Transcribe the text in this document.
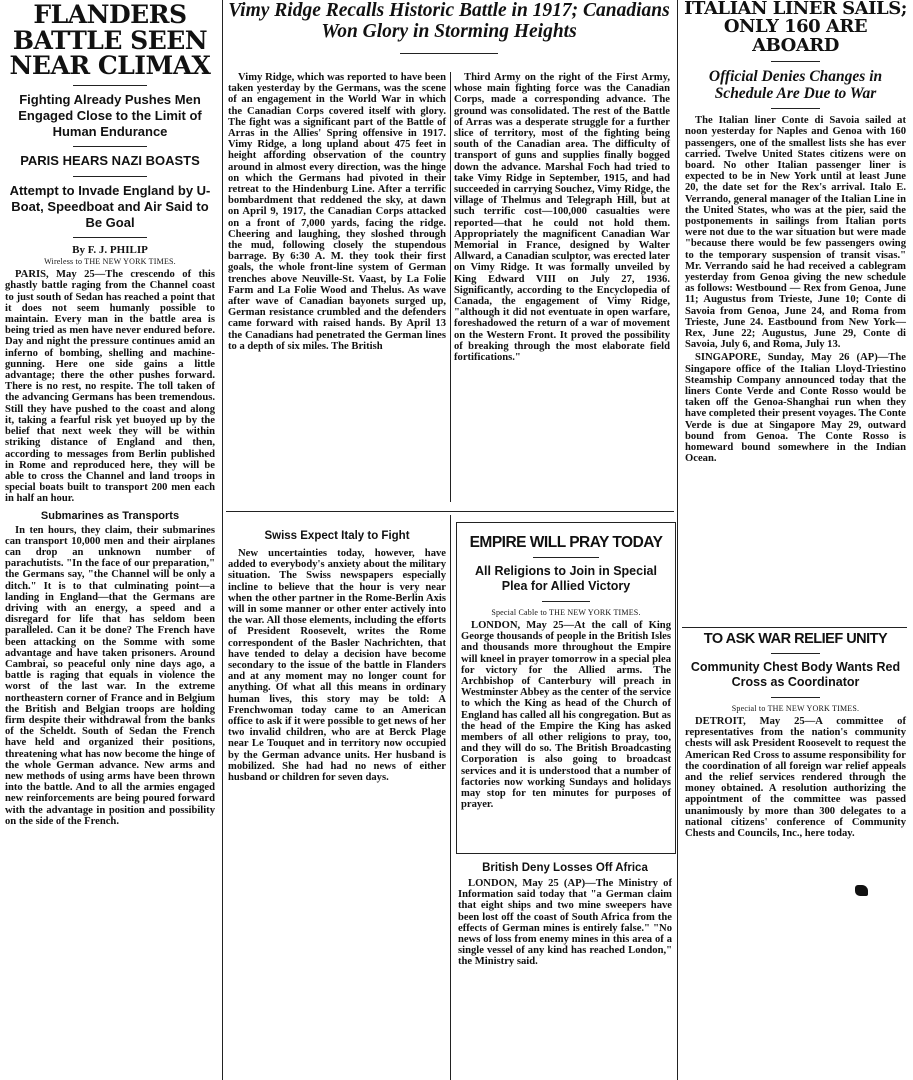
FLANDERS BATTLE SEEN NEAR CLIMAX
Fighting Already Pushes Men Engaged Close to the Limit of Human Endurance
PARIS HEARS NAZI BOASTS
Attempt to Invade England by U-Boat, Speedboat and Air Said to Be Goal
By F. J. PHILIP
Wireless to THE NEW YORK TIMES.

PARIS, May 25—The crescendo of this ghastly battle raging from the Channel coast to just south of Sedan has reached a point that it does not seem humanly possible to maintain. Every man in the battle area is being tried as men have never endured before. Day and night the pressure continues amid an inferno of bombing, shelling and machine-gunning. Here one side gains a little advantage; there the other pushes forward. There is no rest, no respite. The toll taken of the advancing Germans has been tremendous. Still they have pushed to the coast and along it, taking a fearful risk yet buoyed up by the belief that next week they will be within striking distance of England and then, according to messages from Berlin published in Rome and reproduced here, they will be able to cross the Channel and land troops in special boats built to transport 200 men each in half an hour.

Submarines as Transports

In ten hours, they claim, their submarines can transport 10,000 men and their airplanes can drop an unknown number of parachutists. "In the face of our preparation," the Germans say, "the Channel will be only a ditch." It is to that culminating point—a landing in England—that the Germans are driving with an energy, a speed and a disregard for life that has seldom been paralleled. Can it be done? The French have been attacking on the Somme with some advantage and have taken prisoners. Around Cambrai, so peaceful only nine days ago, a battle is raging that equals in violence the worst of the last war. In the extreme northeastern corner of France and in Belgium the British and Belgian troops are holding firm despite their withdrawal from the banks of the Scheldt. South of Sedan the French have held and organized their positions, threatening what has now become the hinge of the whole German advance. New arms and new methods of using arms have been thrown into the battle. And to all the armies engaged new reinforcements are being poured forward with the advantage in position and possibility on the side of the French.

Vimy Ridge Recalls Historic Battle in 1917; Canadians Won Glory in Storming Heights

Vimy Ridge, which was reported to have been taken yesterday by the Germans, was the scene of an engagement in the World War in which the Canadian Corps covered itself with glory. The fight was a significant part of the Battle of Arras in the Allies' Spring offensive in 1917. Vimy Ridge, a long upland about 475 feet in height affording observation of the country around in almost every direction, was the hinge on which the Germans had pivoted in their retreat to the Hindenburg Line. After a terrific bombardment that reddened the sky, at dawn on April 9, 1917, the Canadian Corps attacked on a front of 7,000 yards, facing the ridge. Cheering and laughing, they sloshed through the mud, following closely the stupendous barrage. By 6:30 A. M. they took their first goals, the whole front-line system of German trenches above Neuville-St. Vaast, by La Folie Farm and La Folie Wood and Thelus. As wave after wave of Canadian bayonets surged up, German resistance crumbled and the defenders came forward with raised hands. By April 13 the Canadians had penetrated the German lines to a depth of six miles. The British

Third Army on the right of the First Army, whose main fighting force was the Canadian Corps, made a corresponding advance. The ground was consolidated. The rest of the Battle of Arras was a desperate struggle for a further slice of territory, most of the fighting being south of the Canadian area. The difficulty of transport of guns and supplies finally bogged down the advance. Marshal Foch had tried to take Vimy Ridge in September, 1915, and had succeeded in carrying Souchez, Vimy Ridge, the village of Thelmus and Telegraph Hill, but at such terrific cost—100,000 casualties were reported—that he could not hold them. Appropriately the magnificent Canadian War Memorial in France, designed by Walter Allward, a Canadian sculptor, was erected later on Vimy Ridge. It was formally unveiled by King Edward VIII on July 27, 1936. Significantly, according to the Encyclopedia of Canada, the engagement of Vimy Ridge, "although it did not eventuate in open warfare, foreshadowed the return of a war of movement on the Western Front. It proved the possibility of breaking through the most elaborate field fortifications."

Swiss Expect Italy to Fight

New uncertainties today, however, have added to everybody's anxiety about the military situation. The Swiss newspapers especially incline to believe that the hour is very near when the other partner in the Rome-Berlin Axis will in some manner or other enter actively into the war. All those elements, including the efforts of President Roosevelt, writes the Rome correspondent of the Basler Nachrichten, that have tended to delay a decision have become secondary to the issue of the battle in Flanders and at any moment may no longer count for anything. Of what all this means in ordinary human lives, this story may be told: A Frenchwoman today came to an American office to ask if it were possible to get news of her two invalid children, who are at Berck Plage near Le Touquet and in territory now occupied by the German advance units. Her husband is mobilized. She had had no news of either husband or children for seven days.

EMPIRE WILL PRAY TODAY
All Religions to Join in Special Plea for Allied Victory
Special Cable to THE NEW YORK TIMES.

LONDON, May 25—At the call of King George thousands of people in the British Isles and thousands more throughout the Empire will kneel in prayer tomorrow in a special plea for victory for the Allied arms. The Archbishop of Canterbury will preach in Westminster Abbey as the center of the service to which the King as head of the Church of England has called all his congregation. But as the head of the Empire the King has asked members of all other religions to pray, too, and they will do so. The British Broadcasting Corporation is also going to broadcast services and it is understood that a number of factories now working Sundays and holidays may stop for ten minutes for purposes of prayer.

British Deny Losses Off Africa

LONDON, May 25 (AP)—The Ministry of Information said today that "a German claim that eight ships and two mine sweepers have been lost off the coast of South Africa from the effects of German mines is entirely false." "No news of loss from enemy mines in this area of a single vessel of any kind has reached London," the Ministry said.

ITALIAN LINER SAILS; ONLY 160 ARE ABOARD
Official Denies Changes in Schedule Are Due to War

The Italian liner Conte di Savoia sailed at noon yesterday for Naples and Genoa with 160 passengers, one of the smallest lists she has ever carried. Twelve United States citizens were on board. No other Italian passenger liner is expected to be in New York until at least June 20, the date set for the Rex's arrival. Italo E. Verrando, general manager of the Italian Line in the United States, who was at the pier, said the postponements in sailings from Italian ports were not due to the war situation but were made "because there would be few passengers owing to the temporary suspension of transit visas." Mr. Verrando said he had received a cablegram yesterday from Genoa giving the new schedule as follows: Westbound — Rex from Genoa, June 11; Augustus from Trieste, June 10; Conte di Savoia from Genoa, June 24, and Roma from Trieste, June 24. Eastbound from New York—Rex, June 22; Augustus, June 29, Conte di Savoia, July 6, and Roma, July 13.

SINGAPORE, Sunday, May 26 (AP)—The Singapore office of the Italian Lloyd-Triestino Steamship Company announced today that the liners Conte Verde and Conte Rosso would be taken off the Genoa-Shanghai run when they have completed their present voyages. The Conte Verde is due at Singapore May 29, outward bound from Genoa. The Conte Rosso is homeward bound somewhere in the Indian Ocean.

TO ASK WAR RELIEF UNITY
Community Chest Body Wants Red Cross as Coordinator
Special to THE NEW YORK TIMES.

DETROIT, May 25—A committee of representatives from the nation's community chests will ask President Roosevelt to request the American Red Cross to assume responsibility for the coordination of all foreign war relief appeals and the relief services rendered through the money obtained. A resolution authorizing the appointment of the committee was passed unanimously by more than 300 delegates to a national citizens' conference of Community Chests and Councils, Inc., here today.
